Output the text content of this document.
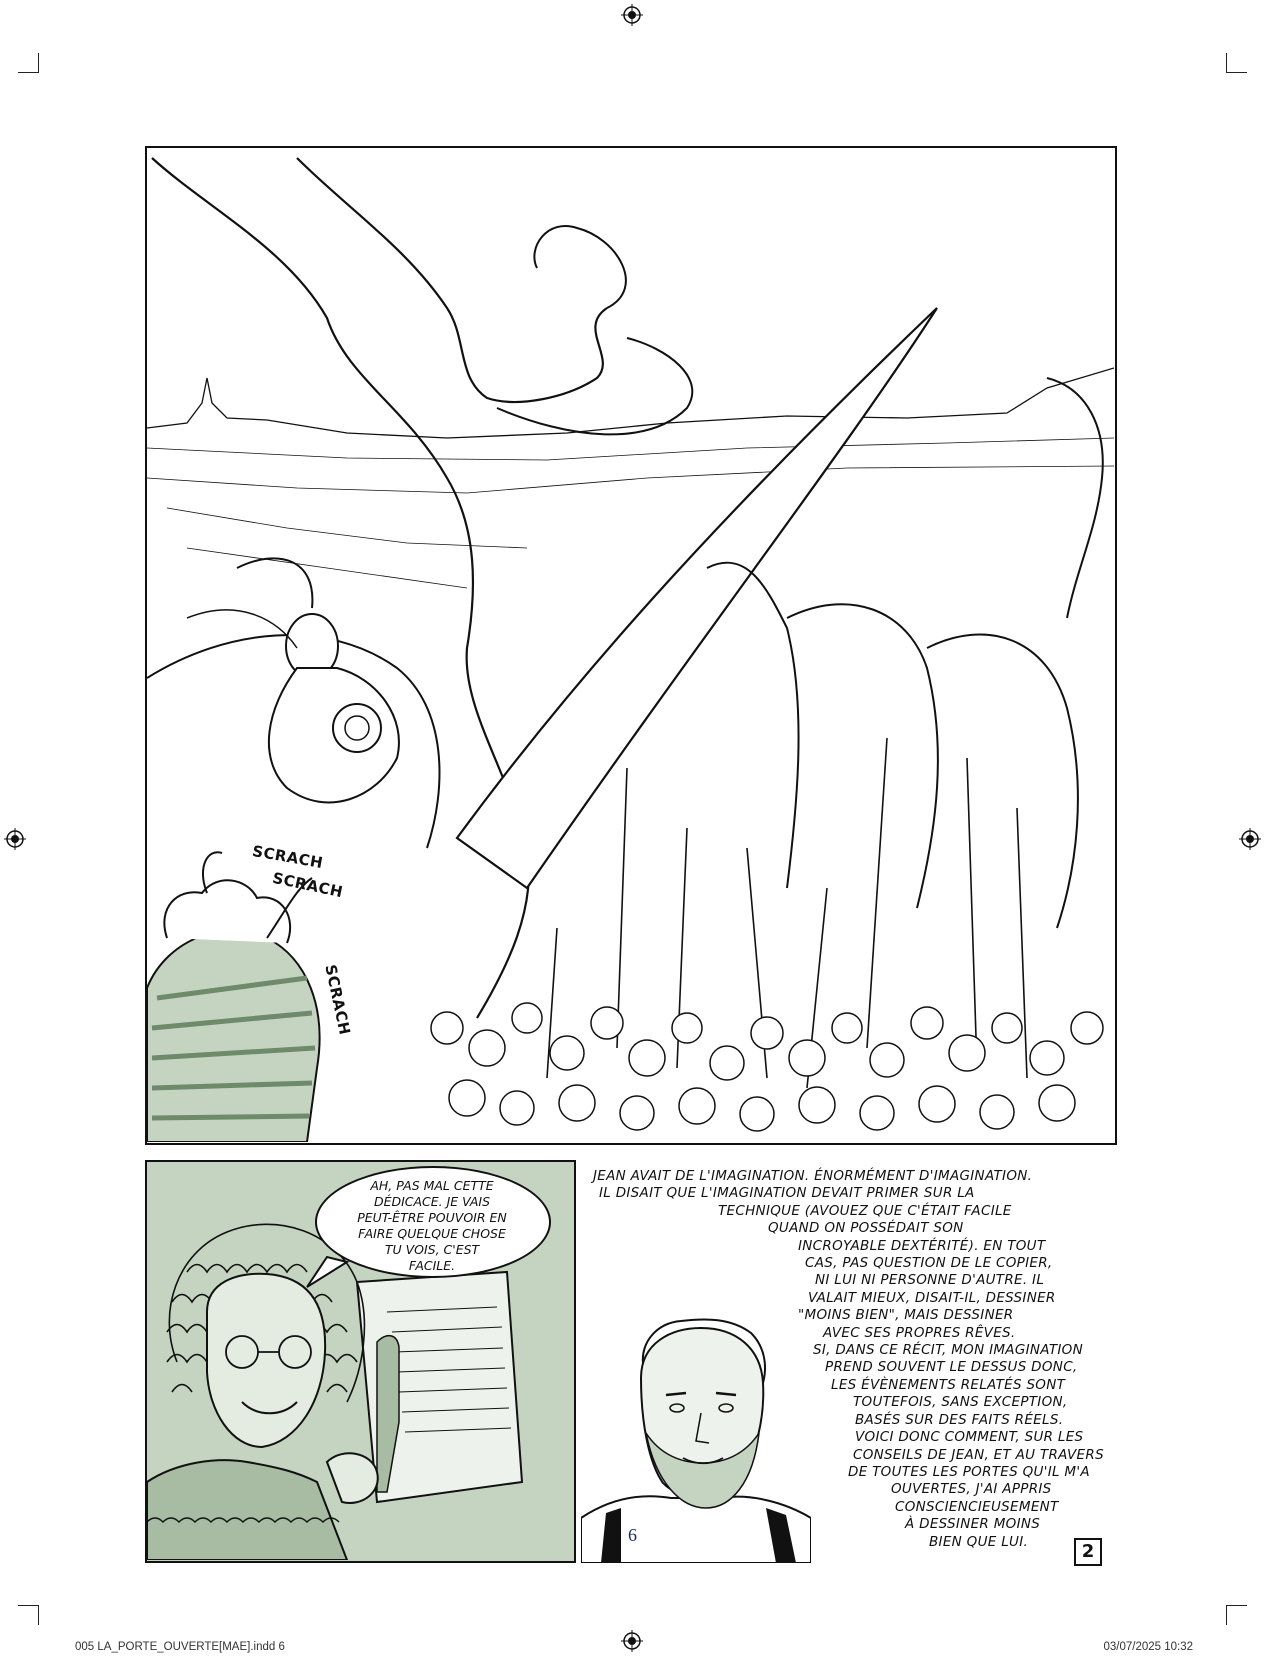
SCRACH
SCRACH
SCRACH
AH, PAS MAL CETTE
DÉDICACE. JE VAIS
PEUT-ÊTRE POUVOIR EN
FAIRE QUELQUE CHOSE
TU VOIS, C'EST
FACILE.
JEAN AVAIT DE L'IMAGINATION. ÉNORMÉMENT D'IMAGINATION.
IL DISAIT QUE L'IMAGINATION DEVAIT PRIMER SUR LA
TECHNIQUE (AVOUEZ QUE C'ÉTAIT FACILE
QUAND ON POSSÉDAIT SON
INCROYABLE DEXTÉRITÉ). EN TOUT
CAS, PAS QUESTION DE LE COPIER,
NI LUI NI PERSONNE D'AUTRE. IL
VALAIT MIEUX, DISAIT-IL, DESSINER
"MOINS BIEN", MAIS DESSINER
AVEC SES PROPRES RÊVES.
SI, DANS CE RÉCIT, MON IMAGINATION
PREND SOUVENT LE DESSUS DONC,
LES ÉVÈNEMENTS RELATÉS SONT
TOUTEFOIS, SANS EXCEPTION,
BASÉS SUR DES FAITS RÉELS.
VOICI DONC COMMENT, SUR LES
CONSEILS DE JEAN, ET AU TRAVERS
DE TOUTES LES PORTES QU'IL M'A
OUVERTES, J'AI APPRIS
CONSCIENCIEUSEMENT
À DESSINER MOINS
BIEN QUE LUI.	2
6
005 LA_PORTE_OUVERTE[MAE].indd 6	03/07/2025 10:32
